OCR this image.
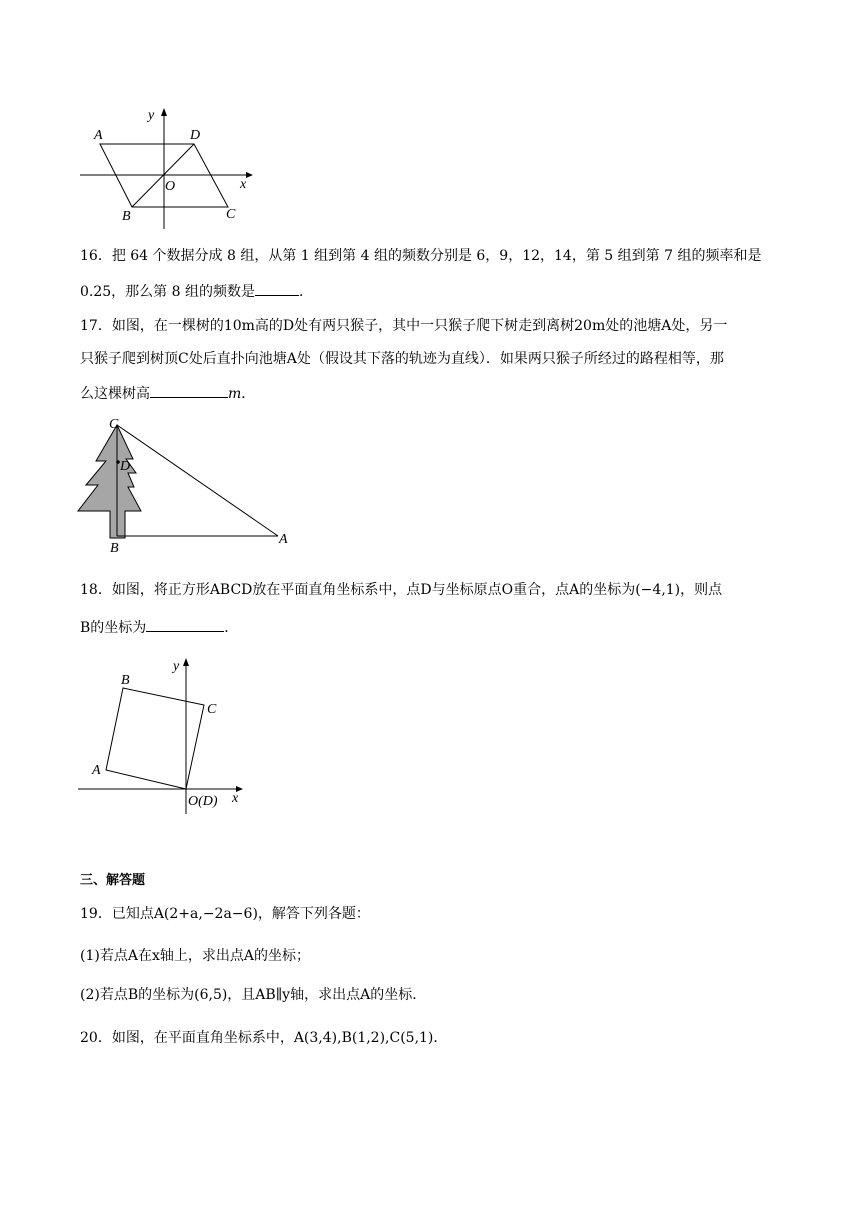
y
x
A	D
O
B	C
16．把 64 个数据分成 8 组，从第 1 组到第 4 组的频数分别是 6，9，12，14，第 5 组到第 7 组的频率和是
0.25，那么第 8 组的频数是	．
17．如图，在一棵树的10m高的D处有两只猴子，其中一只猴子爬下树走到离树20m处的池塘A处，另一
只猴子爬到树顶C处后直扑向池塘A处（假设其下落的轨迹为直线）．如果两只猴子所经过的路程相等，那
么这棵树高	m．
C
D
B
A
18．如图，将正方形ABCD放在平面直角坐标系中，点D与坐标原点O重合，点A的坐标为(−4,1)，则点
B的坐标为	．
y
B
C
A
O(D) x
三、解答题
19．已知点A(2+a,−2a−6)，解答下列各题：
(1)若点A在x轴上，求出点A的坐标；
(2)若点B的坐标为(6,5)，且AB∥y轴，求出点A的坐标．
20．如图，在平面直角坐标系中，A(3,4),B(1,2),C(5,1)．
